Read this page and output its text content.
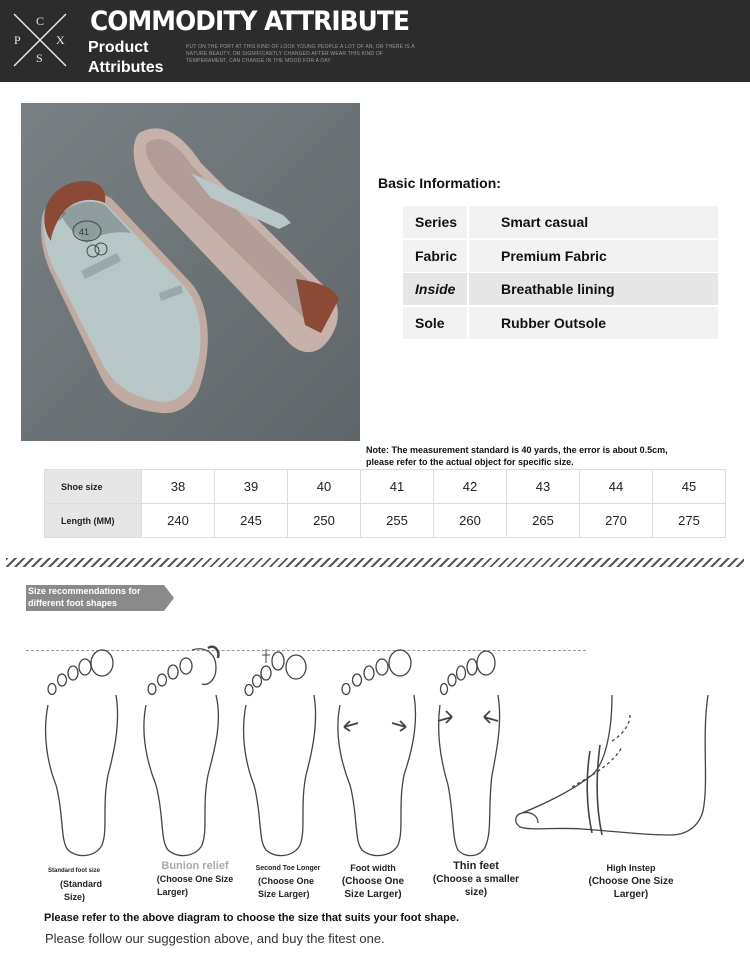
C
P	X
S
COMMODITY ATTRIBUTE
Product
Attributes
PUT ON THE PORT AT THIS KIND OF LOOK YOUNG PEOPLE A LOT OF AN, OR THERE IS A NATURE BEAUTY, OR SIGNIFICANTLY CHANGED AFTER WEAR THIS KIND OF TEMPERAMENT, CAN CHANGE IN THE MOOD FOR A DAY
41
SIZE
Basic Information:
Series	Smart casual
Fabric	Premium Fabric
Inside	Breathable lining
Sole	Rubber Outsole
Note: The measurement standard is 40 yards, the error is about 0.5cm,
please refer to the actual object for specific size.
Shoe size	38	39	40	41	42	43	44	45
Length (MM)	240	245	250	255	260	265	270	275
Size recommendations for
different foot shapes
Standard foot size
(Standard
Size)
Bunion relief
(Choose One Size
Larger)
Second Toe Longer
(Choose One
Size Larger)
Foot width
(Choose One
Size Larger)
Thin feet
(Choose a smaller
size)
High Instep
(Choose One Size
Larger)
Please refer to the above diagram to choose the size that suits your foot shape.
Please follow our suggestion above, and buy the fitest one.
